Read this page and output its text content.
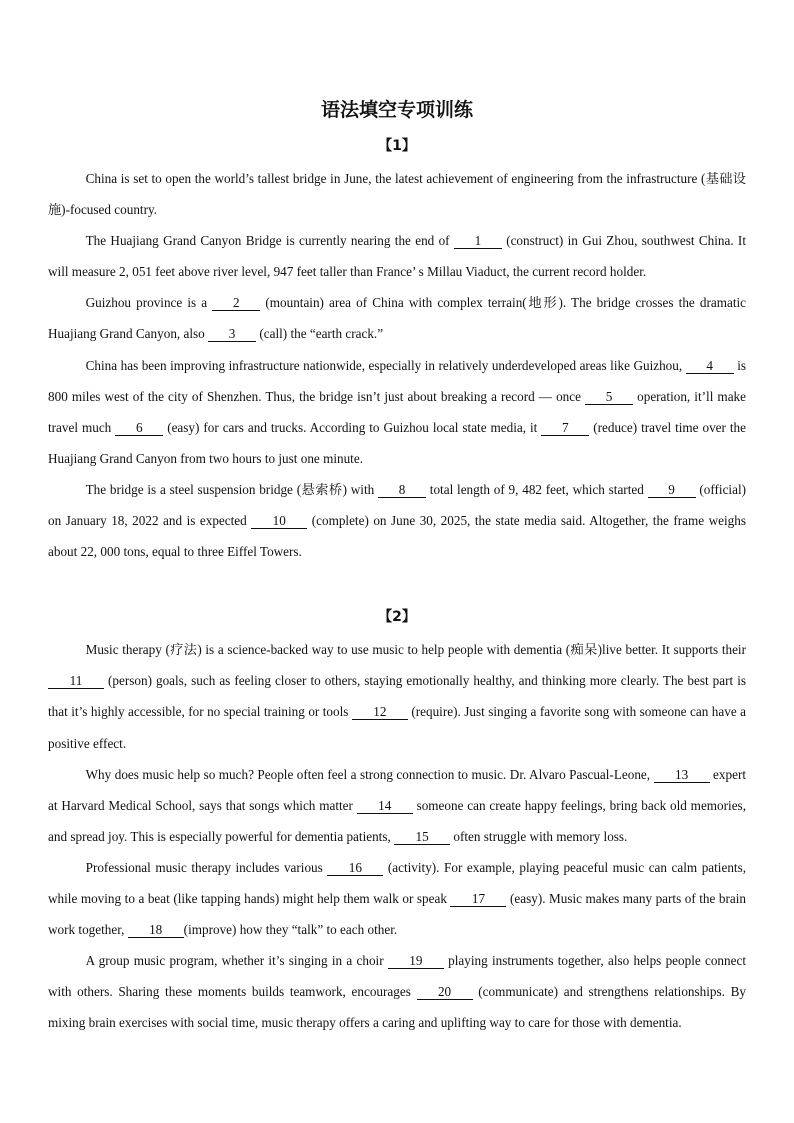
语法填空专项训练

【1】

China is set to open the world’s tallest bridge in June, the latest achievement of engineering from the infrastructure (基础设施)-focused country.

The Huajiang Grand Canyon Bridge is currently nearing the end of 1 (construct) in Gui Zhou, southwest China. It will measure 2, 051 feet above river level, 947 feet taller than France’ s Millau Viaduct, the current record holder.

Guizhou province is a 2 (mountain) area of China with complex terrain(地形). The bridge crosses the dramatic Huajiang Grand Canyon, also 3 (call) the “earth crack.”

China has been improving infrastructure nationwide, especially in relatively underdeveloped areas like Guizhou, 4 is 800 miles west of the city of Shenzhen. Thus, the bridge isn’t just about breaking a record — once 5 operation, it’ll make travel much 6 (easy) for cars and trucks. According to Guizhou local state media, it 7 (reduce) travel time over the Huajiang Grand Canyon from two hours to just one minute.

The bridge is a steel suspension bridge (悬索桥) with 8 total length of 9, 482 feet, which started 9 (official) on January 18, 2022 and is expected 10 (complete) on June 30, 2025, the state media said. Altogether, the frame weighs about 22, 000 tons, equal to three Eiffel Towers.

【2】

Music therapy (疗法) is a science-backed way to use music to help people with dementia (痴呆)live better. It supports their 11 (person) goals, such as feeling closer to others, staying emotionally healthy, and thinking more clearly. The best part is that it’s highly accessible, for no special training or tools 12 (require). Just singing a favorite song with someone can have a positive effect.

Why does music help so much? People often feel a strong connection to music. Dr. Alvaro Pascual-Leone, 13 expert at Harvard Medical School, says that songs which matter 14 someone can create happy feelings, bring back old memories, and spread joy. This is especially powerful for dementia patients, 15 often struggle with memory loss.

Professional music therapy includes various 16 (activity). For example, playing peaceful music can calm patients, while moving to a beat (like tapping hands) might help them walk or speak 17 (easy). Music makes many parts of the brain work together, 18 (improve) how they “talk” to each other.

A group music program, whether it’s singing in a choir 19 playing instruments together, also helps people connect with others. Sharing these moments builds teamwork, encourages 20 (communicate) and strengthens relationships. By mixing brain exercises with social time, music therapy offers a caring and uplifting way to care for those with dementia.
